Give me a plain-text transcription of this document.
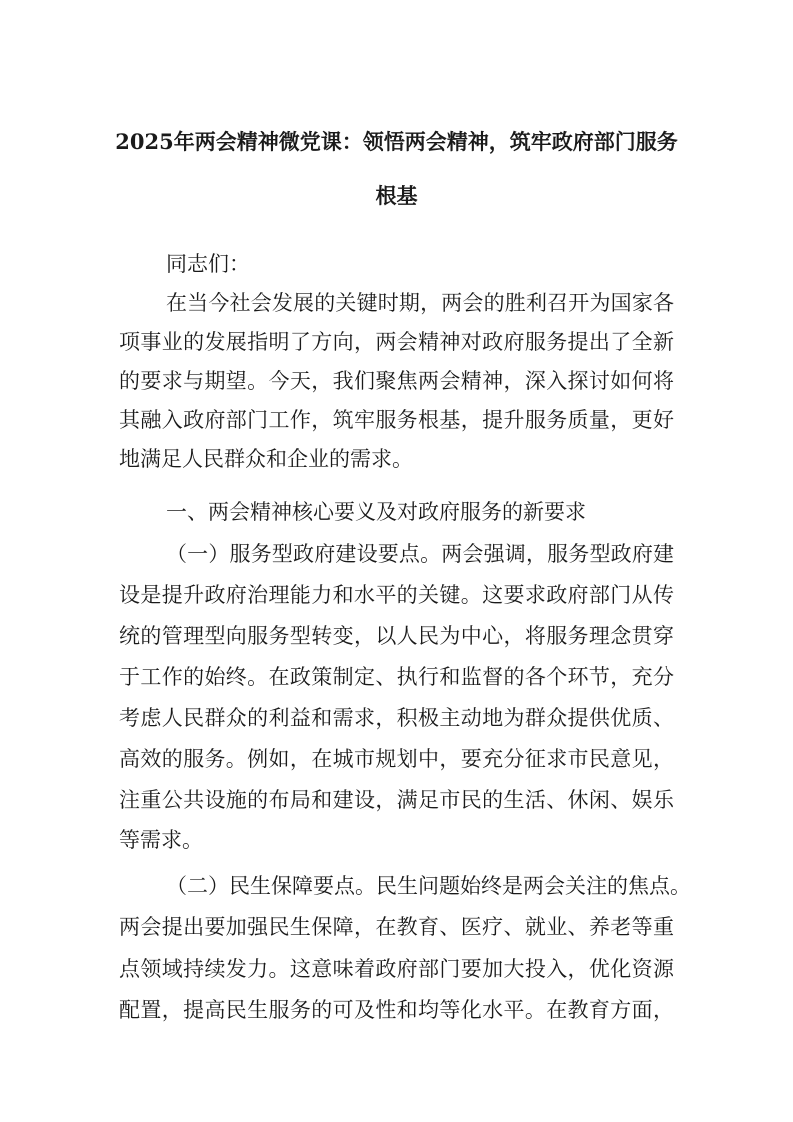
2025年两会精神微党课：领悟两会精神，筑牢政府部门服务
根基

同志们：

在当今社会发展的关键时期，两会的胜利召开为国家各

项事业的发展指明了方向，两会精神对政府服务提出了全新

的要求与期望。今天，我们聚焦两会精神，深入探讨如何将

其融入政府部门工作，筑牢服务根基，提升服务质量，更好

地满足人民群众和企业的需求。

一、两会精神核心要义及对政府服务的新要求

（一）服务型政府建设要点。两会强调，服务型政府建

设是提升政府治理能力和水平的关键。这要求政府部门从传

统的管理型向服务型转变，以人民为中心，将服务理念贯穿

于工作的始终。在政策制定、执行和监督的各个环节，充分

考虑人民群众的利益和需求，积极主动地为群众提供优质、

高效的服务。例如，在城市规划中，要充分征求市民意见，

注重公共设施的布局和建设，满足市民的生活、休闲、娱乐

等需求。

（二）民生保障要点。民生问题始终是两会关注的焦点。

两会提出要加强民生保障，在教育、医疗、就业、养老等重

点领域持续发力。这意味着政府部门要加大投入，优化资源

配置，提高民生服务的可及性和均等化水平。在教育方面，
